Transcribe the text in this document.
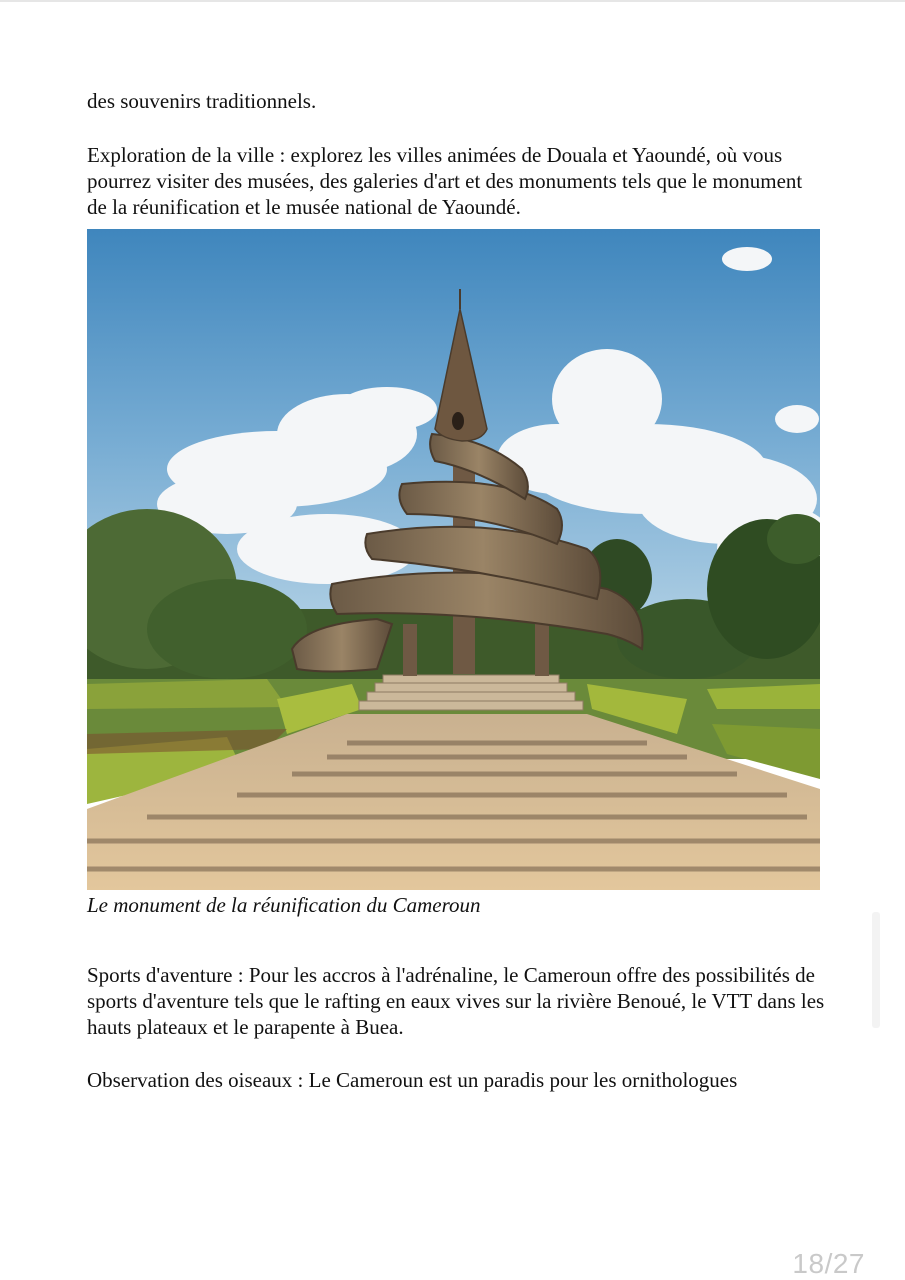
des souvenirs traditionnels.

Exploration de la ville : explorez les villes animées de Douala et Yaoundé, où vous pourrez visiter des musées, des galeries d'art et des monuments tels que le monument de la réunification et le musée national de Yaoundé.

Le monument de la réunification du Cameroun

Sports d'aventure : Pour les accros à l'adrénaline, le Cameroun offre des possibilités de sports d'aventure tels que le rafting en eaux vives sur la rivière Benoué, le VTT dans les hauts plateaux et le parapente à Buea.

Observation des oiseaux : Le Cameroun est un paradis pour les ornithologues

18/27
